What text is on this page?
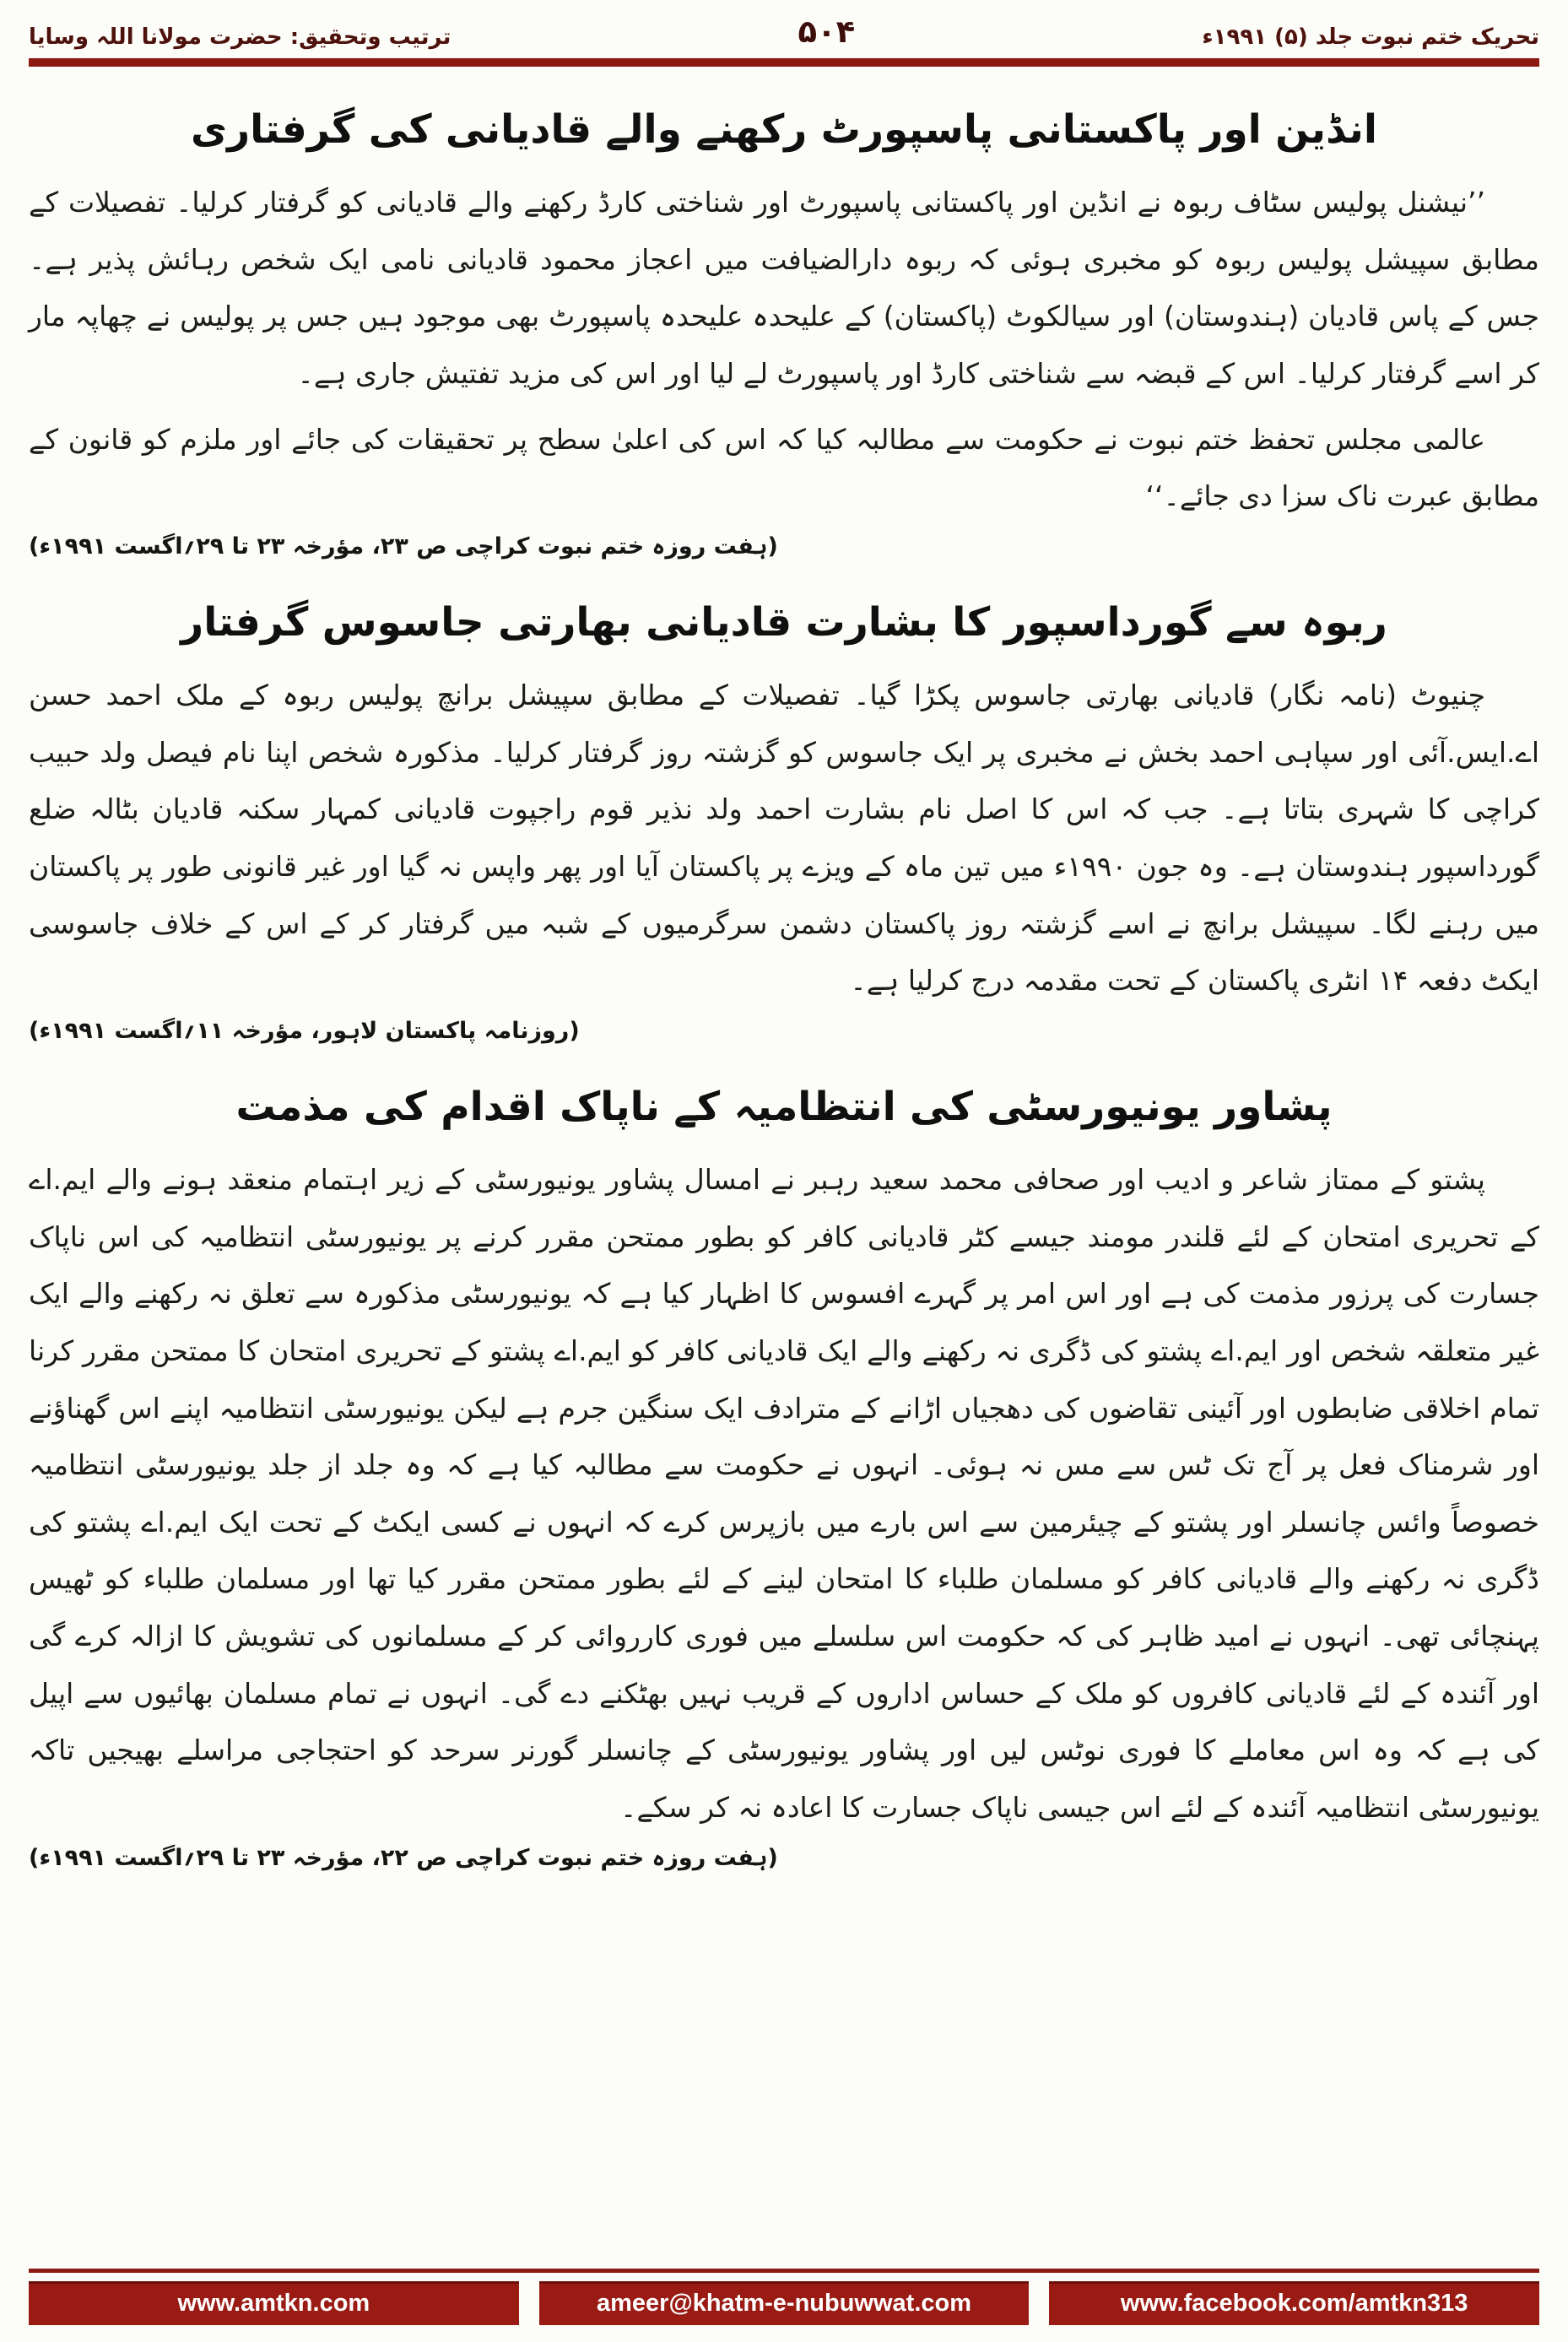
تحریک ختم نبوت جلد (۵) ۱۹۹۱ء
۵۰۴
ترتیب وتحقیق: حضرت مولانا اللہ وسایا
انڈین اور پاکستانی پاسپورٹ رکھنے والے قادیانی کی گرفتاری

’’نیشنل پولیس سٹاف ربوہ نے انڈین اور پاکستانی پاسپورٹ اور شناختی کارڈ رکھنے والے قادیانی کو گرفتار کرلیا۔ تفصیلات کے مطابق سپیشل پولیس ربوہ کو مخبری ہوئی کہ ربوہ دارالضیافت میں اعجاز محمود قادیانی نامی ایک شخص رہائش پذیر ہے۔ جس کے پاس قادیان (ہندوستان) اور سیالکوٹ (پاکستان) کے علیحدہ علیحدہ پاسپورٹ بھی موجود ہیں جس پر پولیس نے چھاپہ مار کر اسے گرفتار کرلیا۔ اس کے قبضہ سے شناختی کارڈ اور پاسپورٹ لے لیا اور اس کی مزید تفتیش جاری ہے۔

عالمی مجلس تحفظ ختم نبوت نے حکومت سے مطالبہ کیا کہ اس کی اعلیٰ سطح پر تحقیقات کی جائے اور ملزم کو قانون کے مطابق عبرت ناک سزا دی جائے۔‘‘

(ہفت روزہ ختم نبوت کراچی ص ۲۳، مؤرخہ ۲۳ تا ۲۹؍اگست ۱۹۹۱ء)
ربوہ سے گورداسپور کا بشارت قادیانی بھارتی جاسوس گرفتار

چنیوٹ (نامہ نگار) قادیانی بھارتی جاسوس پکڑا گیا۔ تفصیلات کے مطابق سپیشل برانچ پولیس ربوہ کے ملک احمد حسن اے.ایس.آئی اور سپاہی احمد بخش نے مخبری پر ایک جاسوس کو گزشتہ روز گرفتار کرلیا۔ مذکورہ شخص اپنا نام فیصل ولد حبیب کراچی کا شہری بتاتا ہے۔ جب کہ اس کا اصل نام بشارت احمد ولد نذیر قوم راجپوت قادیانی کمہار سکنہ قادیان بٹالہ ضلع گورداسپور ہندوستان ہے۔ وہ جون ۱۹۹۰ء میں تین ماہ کے ویزے پر پاکستان آیا اور پھر واپس نہ گیا اور غیر قانونی طور پر پاکستان میں رہنے لگا۔ سپیشل برانچ نے اسے گزشتہ روز پاکستان دشمن سرگرمیوں کے شبہ میں گرفتار کر کے اس کے خلاف جاسوسی ایکٹ دفعہ ۱۴ انٹری پاکستان کے تحت مقدمہ درج کرلیا ہے۔

(روزنامہ پاکستان لاہور، مؤرخہ ۱۱؍اگست ۱۹۹۱ء)
پشاور یونیورسٹی کی انتظامیہ کے ناپاک اقدام کی مذمت

پشتو کے ممتاز شاعر و ادیب اور صحافی محمد سعید رہبر نے امسال پشاور یونیورسٹی کے زیر اہتمام منعقد ہونے والے ایم.اے کے تحریری امتحان کے لئے قلندر مومند جیسے کٹر قادیانی کافر کو بطور ممتحن مقرر کرنے پر یونیورسٹی انتظامیہ کی اس ناپاک جسارت کی پرزور مذمت کی ہے اور اس امر پر گہرے افسوس کا اظہار کیا ہے کہ یونیورسٹی مذکورہ سے تعلق نہ رکھنے والے ایک غیر متعلقہ شخص اور ایم.اے پشتو کی ڈگری نہ رکھنے والے ایک قادیانی کافر کو ایم.اے پشتو کے تحریری امتحان کا ممتحن مقرر کرنا تمام اخلاقی ضابطوں اور آئینی تقاضوں کی دھجیاں اڑانے کے مترادف ایک سنگین جرم ہے لیکن یونیورسٹی انتظامیہ اپنے اس گھناؤنے اور شرمناک فعل پر آج تک ٹس سے مس نہ ہوئی۔ انہوں نے حکومت سے مطالبہ کیا ہے کہ وہ جلد از جلد یونیورسٹی انتظامیہ خصوصاً وائس چانسلر اور پشتو کے چیئرمین سے اس بارے میں بازپرس کرے کہ انہوں نے کسی ایکٹ کے تحت ایک ایم.اے پشتو کی ڈگری نہ رکھنے والے قادیانی کافر کو مسلمان طلباء کا امتحان لینے کے لئے بطور ممتحن مقرر کیا تھا اور مسلمان طلباء کو ٹھیس پہنچائی تھی۔ انہوں نے امید ظاہر کی کہ حکومت اس سلسلے میں فوری کارروائی کر کے مسلمانوں کی تشویش کا ازالہ کرے گی اور آئندہ کے لئے قادیانی کافروں کو ملک کے حساس اداروں کے قریب نہیں بھٹکنے دے گی۔ انہوں نے تمام مسلمان بھائیوں سے اپیل کی ہے کہ وہ اس معاملے کا فوری نوٹس لیں اور پشاور یونیورسٹی کے چانسلر گورنر سرحد کو احتجاجی مراسلے بھیجیں تاکہ یونیورسٹی انتظامیہ آئندہ کے لئے اس جیسی ناپاک جسارت کا اعادہ نہ کر سکے۔

(ہفت روزہ ختم نبوت کراچی ص ۲۲، مؤرخہ ۲۳ تا ۲۹؍اگست ۱۹۹۱ء)
www.amtkn.com	ameer@khatm-e-nubuwwat.com	www.facebook.com/amtkn313
